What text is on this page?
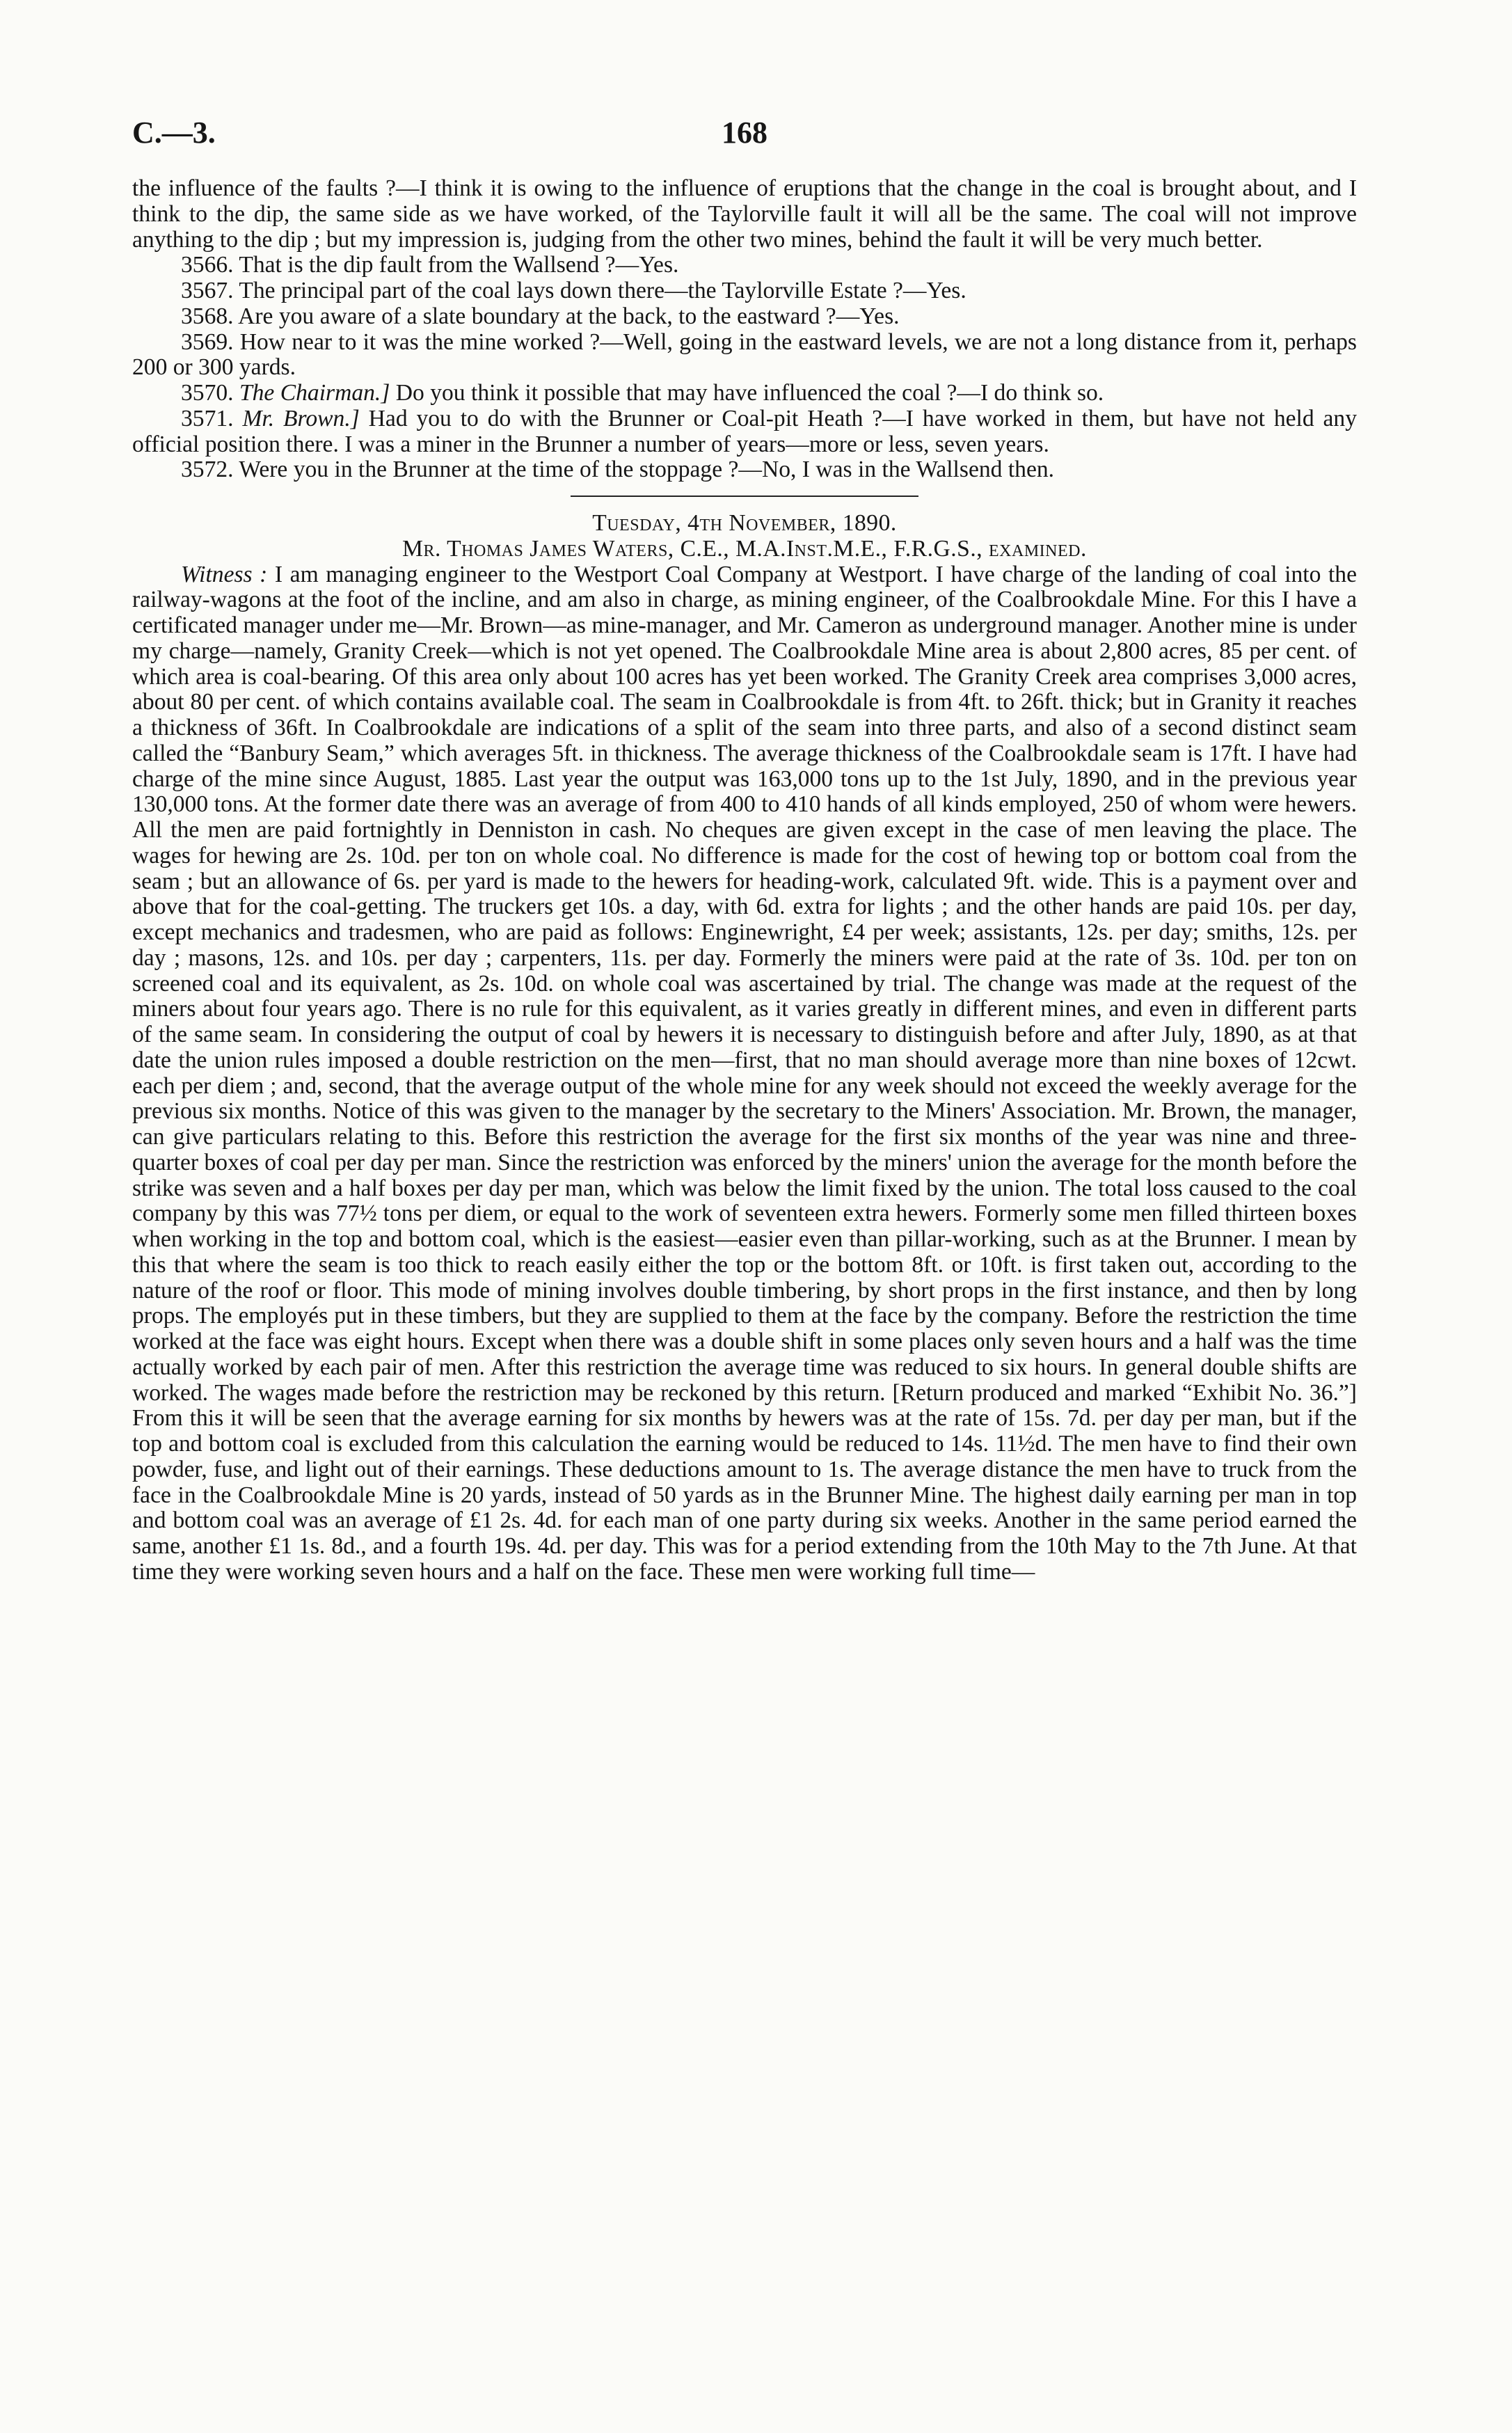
C.—3.	168

the influence of the faults ?—I think it is owing to the influence of eruptions that the change in the coal is brought about, and I think to the dip, the same side as we have worked, of the Taylorville fault it will all be the same. The coal will not improve anything to the dip ; but my impression is, judging from the other two mines, behind the fault it will be very much better.

3566. That is the dip fault from the Wallsend ?—Yes.

3567. The principal part of the coal lays down there—the Taylorville Estate ?—Yes.

3568. Are you aware of a slate boundary at the back, to the eastward ?—Yes.

3569. How near to it was the mine worked ?—Well, going in the eastward levels, we are not a long distance from it, perhaps 200 or 300 yards.

3570. The Chairman.] Do you think it possible that may have influenced the coal ?—I do think so.

3571. Mr. Brown.] Had you to do with the Brunner or Coal-pit Heath ?—I have worked in them, but have not held any official position there. I was a miner in the Brunner a number of years—more or less, seven years.

3572. Were you in the Brunner at the time of the stoppage ?—No, I was in the Wallsend then.

Tuesday, 4th November, 1890.

Mr. Thomas James Waters, C.E., M.A.Inst.M.E., F.R.G.S., examined.

Witness : I am managing engineer to the Westport Coal Company at Westport. I have charge of the landing of coal into the railway-wagons at the foot of the incline, and am also in charge, as mining engineer, of the Coalbrookdale Mine. For this I have a certificated manager under me—Mr. Brown—as mine-manager, and Mr. Cameron as underground manager. Another mine is under my charge—namely, Granity Creek—which is not yet opened. The Coalbrookdale Mine area is about 2,800 acres, 85 per cent. of which area is coal-bearing. Of this area only about 100 acres has yet been worked. The Granity Creek area comprises 3,000 acres, about 80 per cent. of which contains available coal. The seam in Coalbrookdale is from 4ft. to 26ft. thick; but in Granity it reaches a thickness of 36ft. In Coalbrookdale are indications of a split of the seam into three parts, and also of a second distinct seam called the “Banbury Seam,” which averages 5ft. in thickness. The average thickness of the Coalbrookdale seam is 17ft. I have had charge of the mine since August, 1885. Last year the output was 163,000 tons up to the 1st July, 1890, and in the previous year 130,000 tons. At the former date there was an average of from 400 to 410 hands of all kinds employed, 250 of whom were hewers. All the men are paid fortnightly in Denniston in cash. No cheques are given except in the case of men leaving the place. The wages for hewing are 2s. 10d. per ton on whole coal. No difference is made for the cost of hewing top or bottom coal from the seam ; but an allowance of 6s. per yard is made to the hewers for heading-work, calculated 9ft. wide. This is a payment over and above that for the coal-getting. The truckers get 10s. a day, with 6d. extra for lights ; and the other hands are paid 10s. per day, except mechanics and tradesmen, who are paid as follows: Enginewright, £4 per week; assistants, 12s. per day; smiths, 12s. per day ; masons, 12s. and 10s. per day ; carpenters, 11s. per day. Formerly the miners were paid at the rate of 3s. 10d. per ton on screened coal and its equivalent, as 2s. 10d. on whole coal was ascertained by trial. The change was made at the request of the miners about four years ago. There is no rule for this equivalent, as it varies greatly in different mines, and even in different parts of the same seam. In considering the output of coal by hewers it is necessary to distinguish before and after July, 1890, as at that date the union rules imposed a double restriction on the men—first, that no man should average more than nine boxes of 12cwt. each per diem ; and, second, that the average output of the whole mine for any week should not exceed the weekly average for the previous six months. Notice of this was given to the manager by the secretary to the Miners' Association. Mr. Brown, the manager, can give particulars relating to this. Before this restriction the average for the first six months of the year was nine and three-quarter boxes of coal per day per man. Since the restriction was enforced by the miners' union the average for the month before the strike was seven and a half boxes per day per man, which was below the limit fixed by the union. The total loss caused to the coal company by this was 77½ tons per diem, or equal to the work of seventeen extra hewers. Formerly some men filled thirteen boxes when working in the top and bottom coal, which is the easiest—easier even than pillar-working, such as at the Brunner. I mean by this that where the seam is too thick to reach easily either the top or the bottom 8ft. or 10ft. is first taken out, according to the nature of the roof or floor. This mode of mining involves double timbering, by short props in the first instance, and then by long props. The employés put in these timbers, but they are supplied to them at the face by the company. Before the restriction the time worked at the face was eight hours. Except when there was a double shift in some places only seven hours and a half was the time actually worked by each pair of men. After this restriction the average time was reduced to six hours. In general double shifts are worked. The wages made before the restriction may be reckoned by this return. [Return produced and marked “Exhibit No. 36.”] From this it will be seen that the average earning for six months by hewers was at the rate of 15s. 7d. per day per man, but if the top and bottom coal is excluded from this calculation the earning would be reduced to 14s. 11½d. The men have to find their own powder, fuse, and light out of their earnings. These deductions amount to 1s. The average distance the men have to truck from the face in the Coalbrookdale Mine is 20 yards, instead of 50 yards as in the Brunner Mine. The highest daily earning per man in top and bottom coal was an average of £1 2s. 4d. for each man of one party during six weeks. Another in the same period earned the same, another £1 1s. 8d., and a fourth 19s. 4d. per day. This was for a period extending from the 10th May to the 7th June. At that time they were working seven hours and a half on the face. These men were working full time—
